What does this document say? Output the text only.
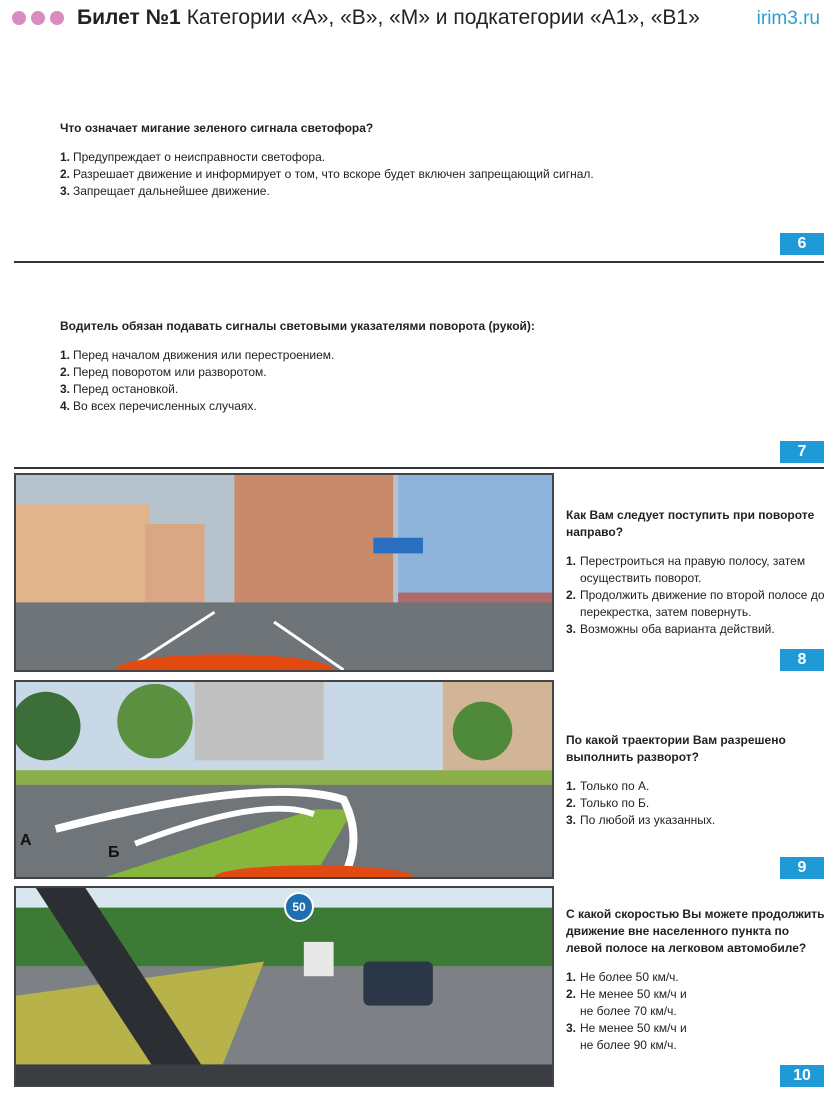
Билет №1 Категории «А», «В», «М» и подкатегории «А1», «В1»	irim3.ru
Что означает мигание зеленого сигнала светофора?
1. Предупреждает о неисправности светофора.
2. Разрешает движение и информирует о том, что вскоре будет включен запрещающий сигнал.
3. Запрещает дальнейшее движение.
6
Водитель обязан подавать сигналы световыми указателями поворота (рукой):
1. Перед началом движения или перестроением.
2. Перед поворотом или разворотом.
3. Перед остановкой.
4. Во всех перечисленных случаях.
7
Как Вам следует поступить при повороте направо?
1. Перестроиться на правую полосу, затем осуществить поворот.
2. Продолжить движение по второй полосе до перекрестка, затем повернуть.
3. Возможны оба варианта действий.
8
А
Б
По какой траектории Вам разрешено выполнить разворот?
1. Только по А.
2. Только по Б.
3. По любой из указанных.
9
50	С какой скоростью Вы можете продолжить движение вне населенного пункта по левой полосе на легковом автомобиле?
1. Не более 50 км/ч.
2. Не менее 50 км/ч и не более 70 км/ч.
3. Не менее 50 км/ч и не более 90 км/ч.
10
